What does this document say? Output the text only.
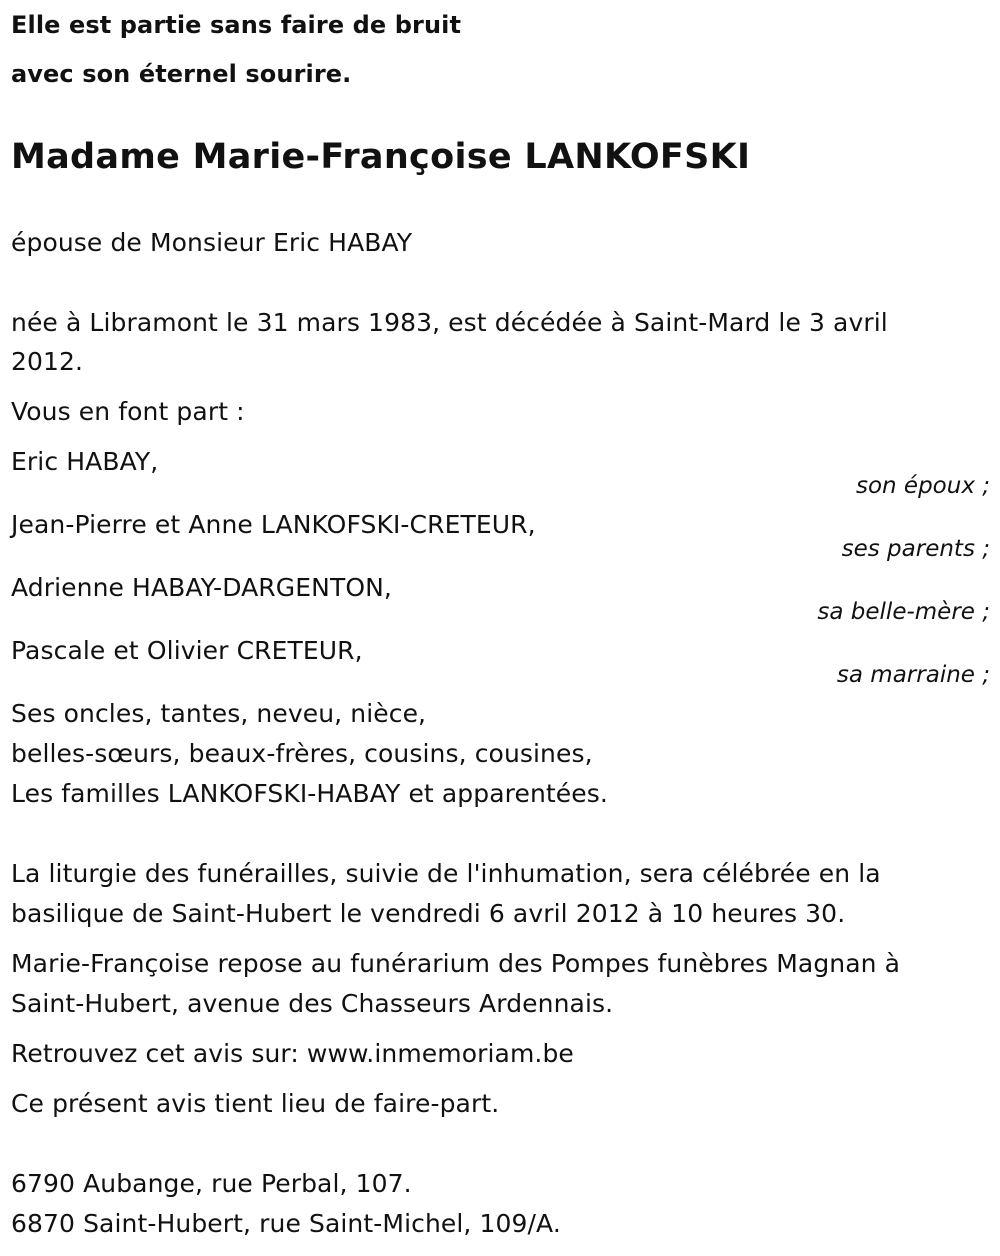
Elle est partie sans faire de bruit

avec son éternel sourire.

Madame Marie-Françoise LANKOFSKI

épouse de Monsieur Eric HABAY

née à Libramont le 31 mars 1983, est décédée à Saint-Mard le 3 avril

2012.

Vous en font part :

Eric HABAY,

son époux ;

Jean-Pierre et Anne LANKOFSKI-CRETEUR,

ses parents ;

Adrienne HABAY-DARGENTON,

sa belle-mère ;

Pascale et Olivier CRETEUR,

sa marraine ;

Ses oncles, tantes, neveu, nièce,

belles-sœurs, beaux-frères, cousins, cousines,

Les familles LANKOFSKI-HABAY et apparentées.

La liturgie des funérailles, suivie de l'inhumation, sera célébrée en la

basilique de Saint-Hubert le vendredi 6 avril 2012 à 10 heures 30.

Marie-Françoise repose au funérarium des Pompes funèbres Magnan à

Saint-Hubert, avenue des Chasseurs Ardennais.

Retrouvez cet avis sur: www.inmemoriam.be

Ce présent avis tient lieu de faire-part.

6790 Aubange, rue Perbal, 107.

6870 Saint-Hubert, rue Saint-Michel, 109/A.
